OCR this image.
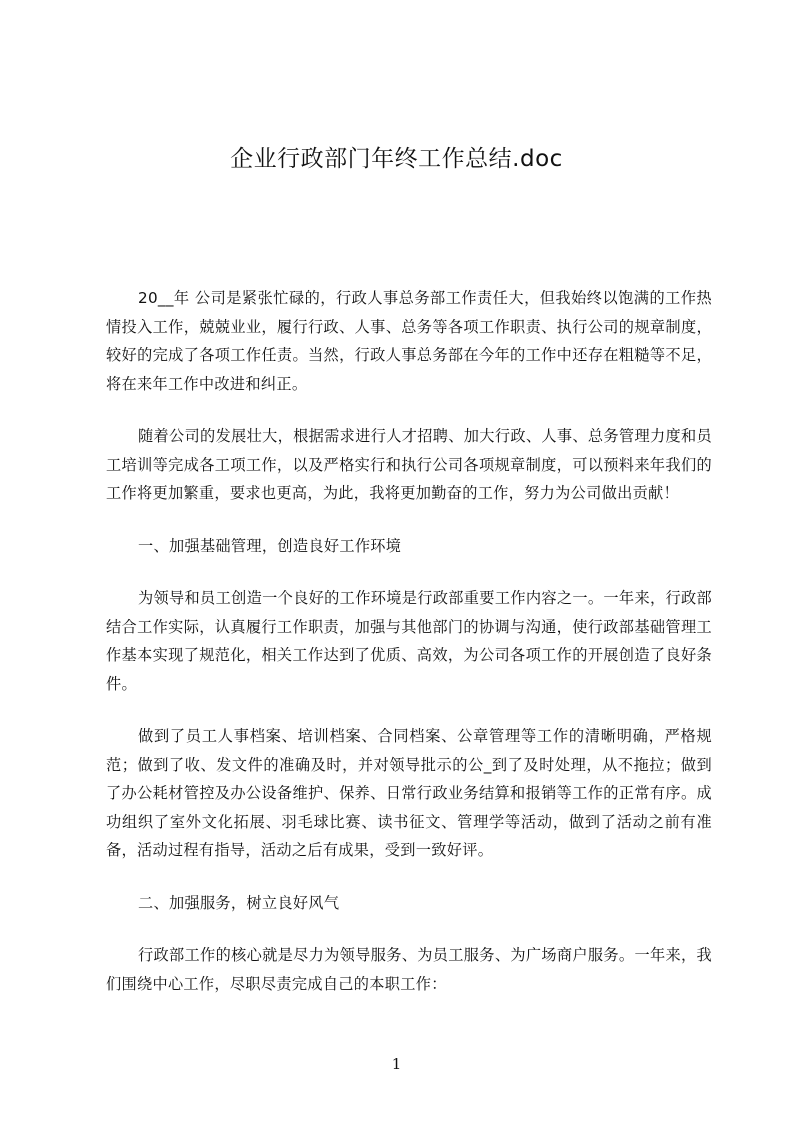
企业行政部门年终工作总结.doc

20__年 公司是紧张忙碌的，行政人事总务部工作责任大，但我始终以饱满的工作热情投入工作，兢兢业业，履行行政、人事、总务等各项工作职责、执行公司的规章制度，较好的完成了各项工作任责。当然，行政人事总务部在今年的工作中还存在粗糙等不足，将在来年工作中改进和纠正。

随着公司的发展壮大，根据需求进行人才招聘、加大行政、人事、总务管理力度和员工培训等完成各工项工作，以及严格实行和执行公司各项规章制度，可以预料来年我们的工作将更加繁重，要求也更高，为此，我将更加勤奋的工作，努力为公司做出贡献！

一、加强基础管理，创造良好工作环境

为领导和员工创造一个良好的工作环境是行政部重要工作内容之一。一年来，行政部结合工作实际，认真履行工作职责，加强与其他部门的协调与沟通，使行政部基础管理工作基本实现了规范化，相关工作达到了优质、高效，为公司各项工作的开展创造了良好条件。

做到了员工人事档案、培训档案、合同档案、公章管理等工作的清晰明确，严格规范；做到了收、发文件的准确及时，并对领导批示的公_到了及时处理，从不拖拉；做到了办公耗材管控及办公设备维护、保养、日常行政业务结算和报销等工作的正常有序。成功组织了室外文化拓展、羽毛球比赛、读书征文、管理学等活动，做到了活动之前有准备，活动过程有指导，活动之后有成果，受到一致好评。

二、加强服务，树立良好风气

行政部工作的核心就是尽力为领导服务、为员工服务、为广场商户服务。一年来，我们围绕中心工作，尽职尽责完成自己的本职工作：

1
